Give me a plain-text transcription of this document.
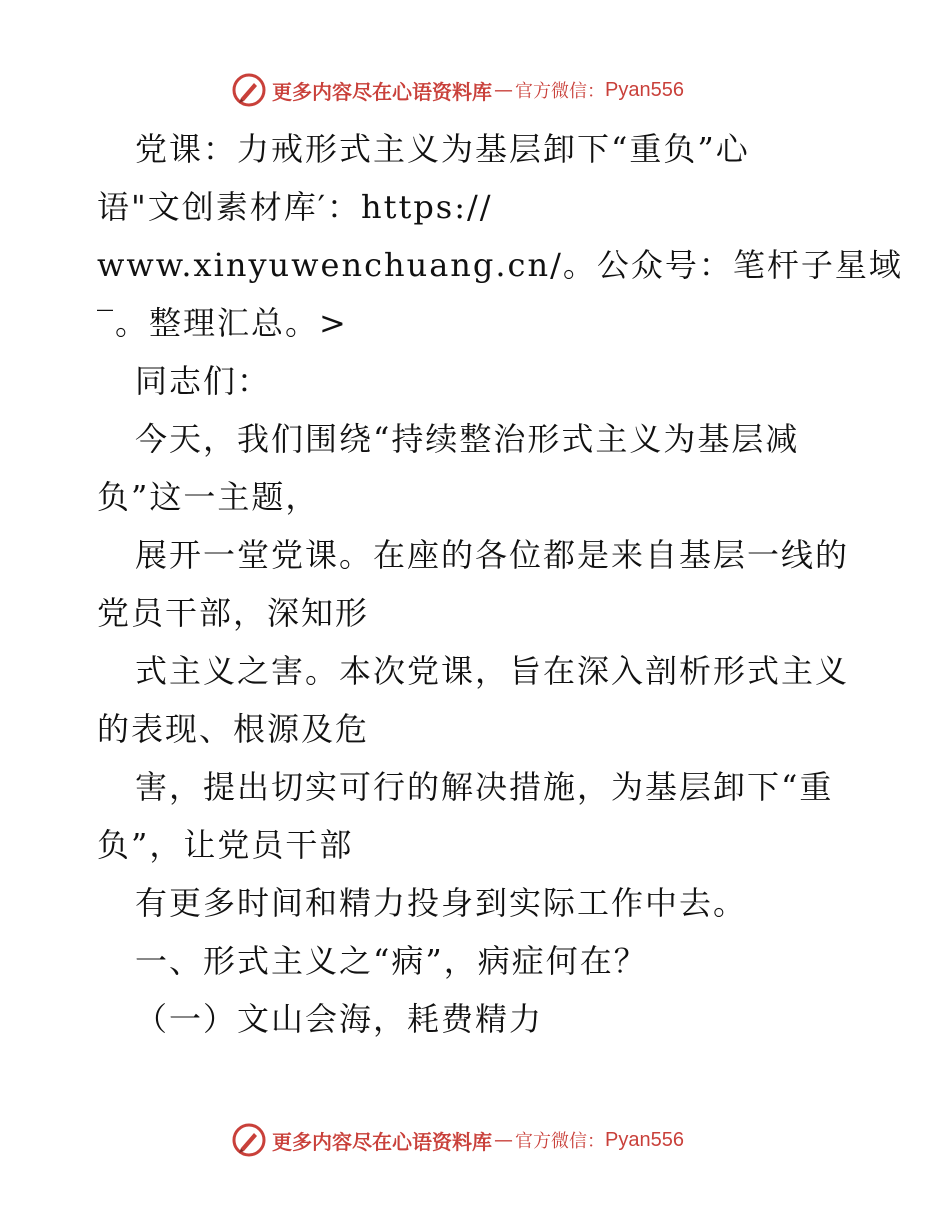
更多内容尽在心语资料库 — 官方微信： Pyan556
党课：力戒形式主义为基层卸下“重负”心
语"文创素材库′：https://
www.xinyuwenchuang.cn/。公众号：笔杆子星域
‾。整理汇总。>
同志们：
今天，我们围绕“持续整治形式主义为基层减
负”这一主题，
展开一堂党课。在座的各位都是来自基层一线的
党员干部，深知形
式主义之害。本次党课，旨在深入剖析形式主义
的表现、根源及危
害，提出切实可行的解决措施，为基层卸下“重
负”，让党员干部
有更多时间和精力投身到实际工作中去。
一、形式主义之“病”，病症何在？
（一）文山会海，耗费精力
更多内容尽在心语资料库 — 官方微信： Pyan556
